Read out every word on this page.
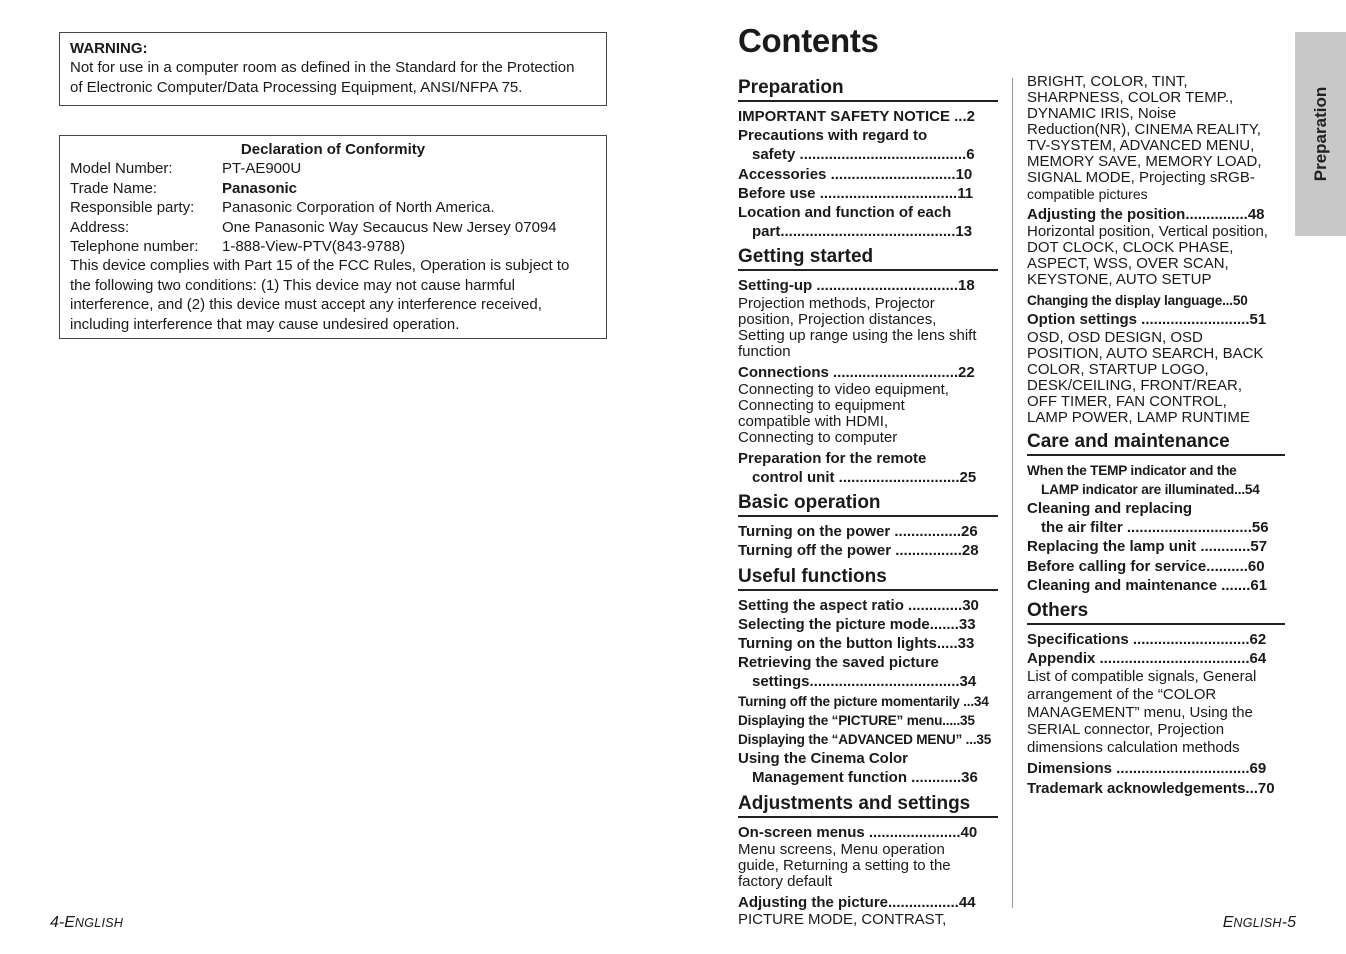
WARNING:
Not for use in a computer room as defined in the Standard for the Protection
of Electronic Computer/Data Processing Equipment, ANSI/NFPA 75.
Declaration of Conformity
Model Number:	PT-AE900U
Trade Name:	Panasonic
Responsible party:	Panasonic Corporation of North America.
Address:	One Panasonic Way Secaucus New Jersey 07094
Telephone number:	1-888-View-PTV(843-9788)
This device complies with Part 15 of the FCC Rules, Operation is subject to
the following two conditions: (1) This device may not cause harmful
interference, and (2) this device must accept any interference received,
including interference that may cause undesired operation.
4-ENGLISH
Contents
Preparation
IMPORTANT SAFETY NOTICE ...2
Precautions with regard to
safety ........................................6
Accessories ..............................10
Before use .................................11
Location and function of each
part..........................................13
Getting started
Setting-up ..................................18
Projection methods, Projector
position, Projection distances,
Setting up range using the lens shift
function
Connections ..............................22
Connecting to video equipment,
Connecting to equipment
compatible with HDMI,
Connecting to computer
Preparation for the remote
control unit .............................25
Basic operation
Turning on the power ................26
Turning off the power ................28
Useful functions
Setting the aspect ratio .............30
Selecting the picture mode.......33
Turning on the button lights.....33
Retrieving the saved picture
settings....................................34
Turning off the picture momentarily ...34
Displaying the “PICTURE” menu.....35
Displaying the “ADVANCED MENU” ...35
Using the Cinema Color
Management function ............36
Adjustments and settings
On-screen menus ......................40
Menu screens, Menu operation
guide, Returning a setting to the
factory default
Adjusting the picture.................44
PICTURE MODE, CONTRAST,
BRIGHT, COLOR, TINT,
SHARPNESS, COLOR TEMP.,
DYNAMIC IRIS, Noise
Reduction(NR), CINEMA REALITY,
TV-SYSTEM, ADVANCED MENU,
MEMORY SAVE, MEMORY LOAD,
SIGNAL MODE, Projecting sRGB-
compatible pictures
Adjusting the position...............48
Horizontal position, Vertical position,
DOT CLOCK, CLOCK PHASE,
ASPECT, WSS, OVER SCAN,
KEYSTONE, AUTO SETUP
Changing the display language...50
Option settings ..........................51
OSD, OSD DESIGN, OSD
POSITION, AUTO SEARCH, BACK
COLOR, STARTUP LOGO,
DESK/CEILING, FRONT/REAR,
OFF TIMER, FAN CONTROL,
LAMP POWER, LAMP RUNTIME
Care and maintenance
When the TEMP indicator and the
LAMP indicator are illuminated...54
Cleaning and replacing
the air filter ..............................56
Replacing the lamp unit ............57
Before calling for service..........60
Cleaning and maintenance .......61
Others
Specifications ............................62
Appendix ....................................64
List of compatible signals, General
arrangement of the “COLOR
MANAGEMENT” menu, Using the
SERIAL connector, Projection
dimensions calculation methods
Dimensions ................................69
Trademark acknowledgements...70
Preparation
ENGLISH-5
